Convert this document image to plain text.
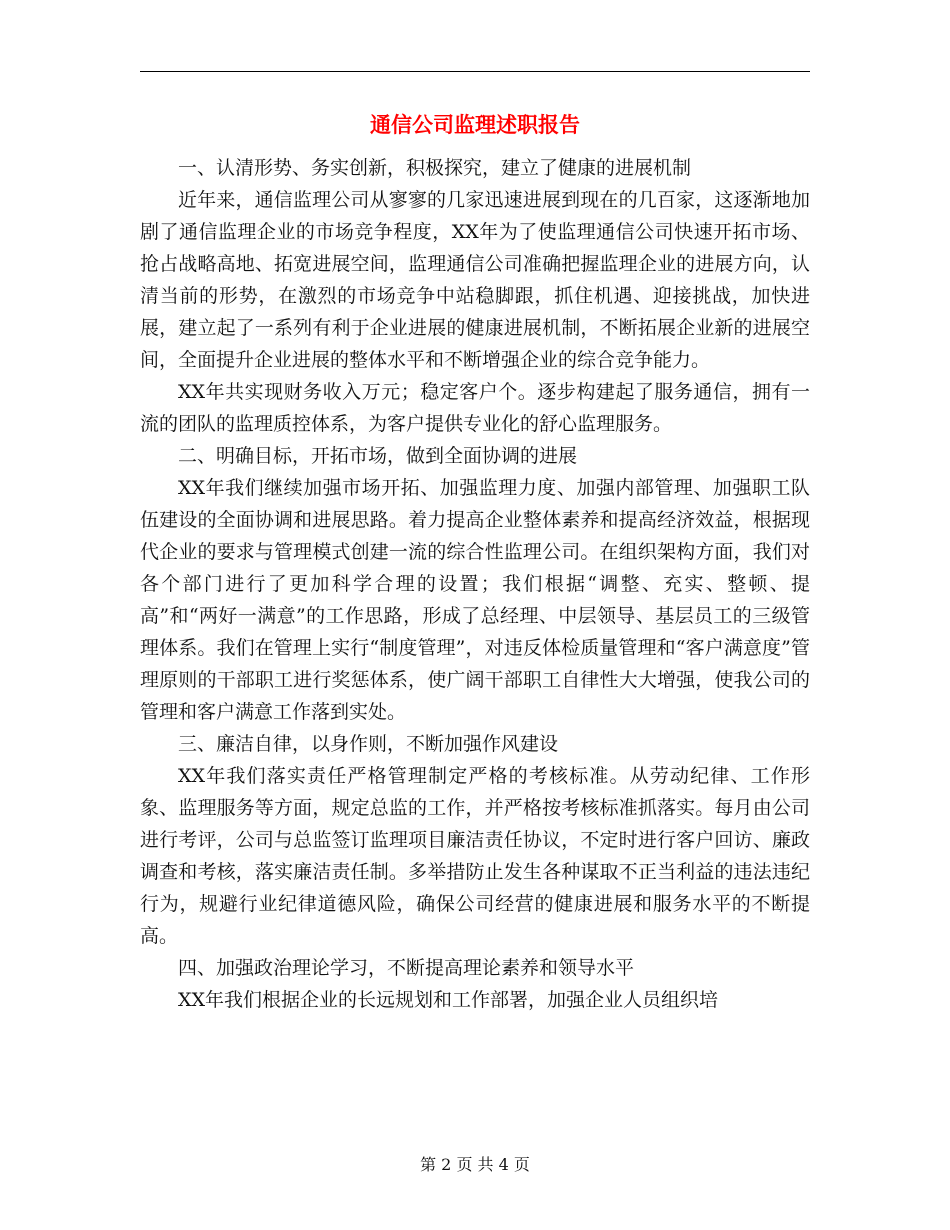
通信公司监理述职报告

一、认清形势、务实创新，积极探究，建立了健康的进展机制

近年来，通信监理公司从寥寥的几家迅速进展到现在的几百家，这逐渐地加剧了通信监理企业的市场竞争程度，XX年为了使监理通信公司快速开拓市场、抢占战略高地、拓宽进展空间，监理通信公司准确把握监理企业的进展方向，认清当前的形势，在激烈的市场竞争中站稳脚跟，抓住机遇、迎接挑战，加快进展，建立起了一系列有利于企业进展的健康进展机制，不断拓展企业新的进展空间，全面提升企业进展的整体水平和不断增强企业的综合竞争能力。

XX年共实现财务收入万元；稳定客户个。逐步构建起了服务通信，拥有一流的团队的监理质控体系，为客户提供专业化的舒心监理服务。

二、明确目标，开拓市场，做到全面协调的进展

XX年我们继续加强市场开拓、加强监理力度、加强内部管理、加强职工队伍建设的全面协调和进展思路。着力提高企业整体素养和提高经济效益，根据现代企业的要求与管理模式创建一流的综合性监理公司。在组织架构方面，我们对各个部门进行了更加科学合理的设置；我们根据“调整、充实、整顿、提高”和“两好一满意”的工作思路，形成了总经理、中层领导、基层员工的三级管理体系。我们在管理上实行“制度管理”，对违反体检质量管理和“客户满意度”管理原则的干部职工进行奖惩体系，使广阔干部职工自律性大大增强，使我公司的管理和客户满意工作落到实处。

三、廉洁自律，以身作则，不断加强作风建设

XX年我们落实责任严格管理制定严格的考核标准。从劳动纪律、工作形象、监理服务等方面，规定总监的工作，并严格按考核标准抓落实。每月由公司进行考评，公司与总监签订监理项目廉洁责任协议，不定时进行客户回访、廉政调查和考核，落实廉洁责任制。多举措防止发生各种谋取不正当利益的违法违纪行为，规避行业纪律道德风险，确保公司经营的健康进展和服务水平的不断提高。

四、加强政治理论学习，不断提高理论素养和领导水平

XX年我们根据企业的长远规划和工作部署，加强企业人员组织培

第 2 页 共 4 页
